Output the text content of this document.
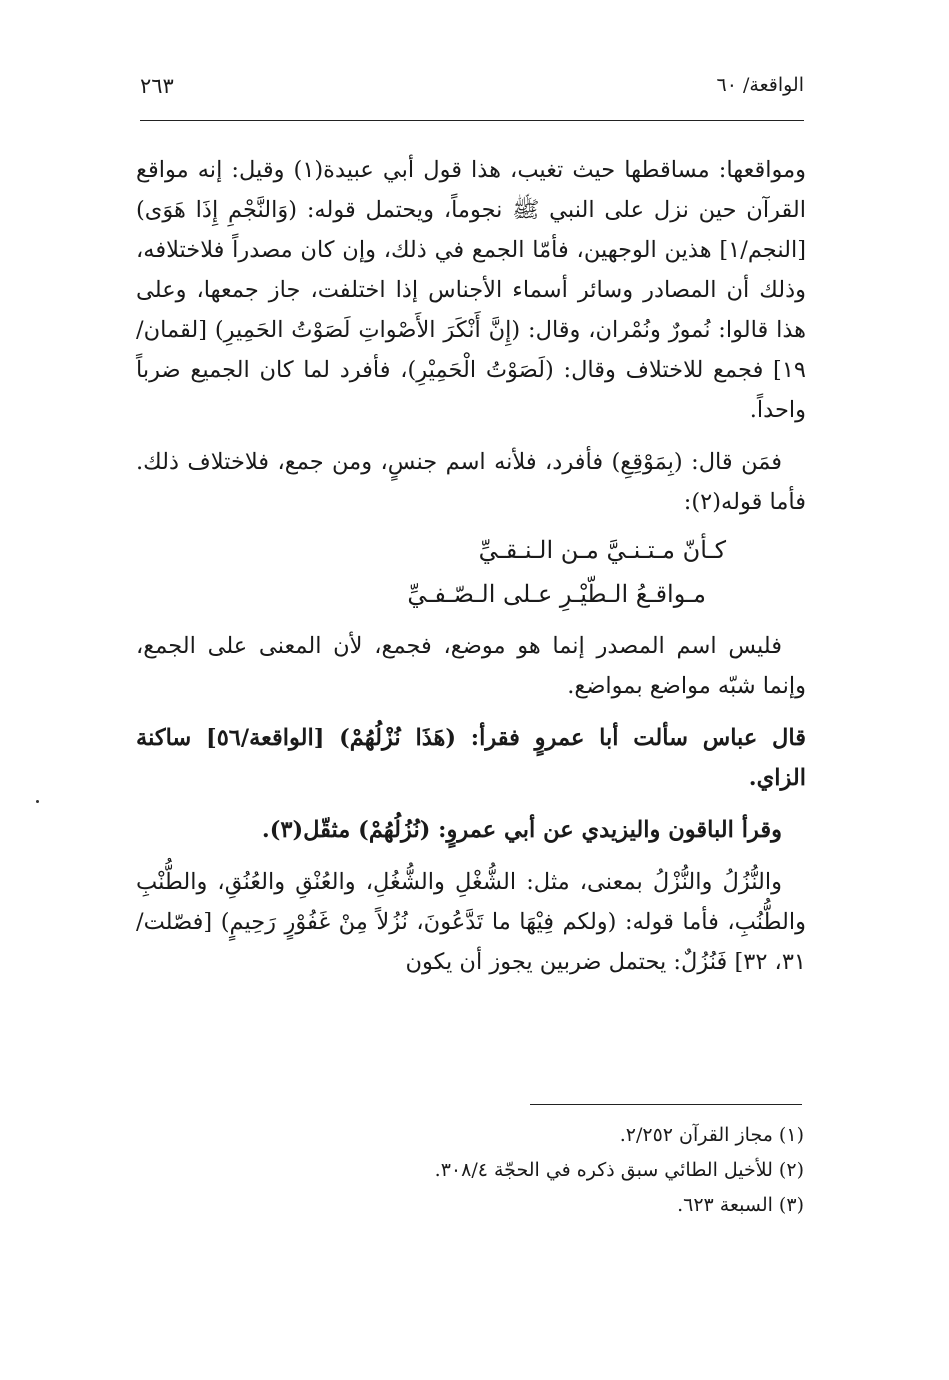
الواقعة/ ٦٠
٢٦٣

ومواقعها: مساقطها حيث تغيب، هذا قول أبي عبيدة(١) وقيل: إنه مواقع القرآن حين نزل على النبي ﷺ نجوماً، ويحتمل قوله: (وَالنَّجْمِ إِذَا هَوَى) [النجم/١] هذين الوجهين، فأمّا الجمع في ذلك، وإن كان مصدراً فلاختلافه، وذلك أن المصادر وسائر أسماء الأجناس إذا اختلفت، جاز جمعها، وعلى هذا قالوا: نُمورٌ ونُمْران، وقال: (إِنَّ أَنْكَرَ الأَصْواتِ لَصَوْتُ الحَمِيرِ) [لقمان/١٩] فجمع للاختلاف وقال: (لَصَوْتُ الْحَمِيْرِ)، فأفرد لما كان الجميع ضرباً واحداً.

فمَن قال: (بِمَوْقِعِ) فأفرد، فلأنه اسم جنسٍ، ومن جمع، فلاختلاف ذلك. فأما قوله(٢):

كـأنّ مـتـنـيَّ مـن الـنـقـيِّ
مـواقـعُ الـطّيْـرِ عـلى الـصّـفـيِّ

فليس اسم المصدر إنما هو موضع، فجمع، لأن المعنى على الجمع، وإنما شبّه مواضع بمواضع.

قال عباس سألت أبا عمروٍ فقرأ: (هَذَا نُزْلُهُمْ) [الواقعة/٥٦] ساكنة الزاي.

وقرأ الباقون واليزيدي عن أبي عمروٍ: (نُزُلُهُمْ) مثقّل(٣).

والنُّزُلُ والنُّزْلُ بمعنى، مثل: الشُّغْلِ والشُّغُلِ، والعُنْقِ والعُنُقِ، والطُّنْبِ والطُّنُبِ، فأما قوله: (ولكم فِيْهَا ما تَدَّعُونَ، نُزُلاً مِنْ غَفُوْرٍ رَحِيمٍ) [فصّلت/ ٣١، ٣٢] فَنُزُلٌ: يحتمل ضربين يجوز أن يكون

(١) مجاز القرآن ٢/٢٥٢.
(٢) للأخيل الطائي سبق ذكره في الحجّة ٣٠٨/٤.
(٣) السبعة ٦٢٣.
